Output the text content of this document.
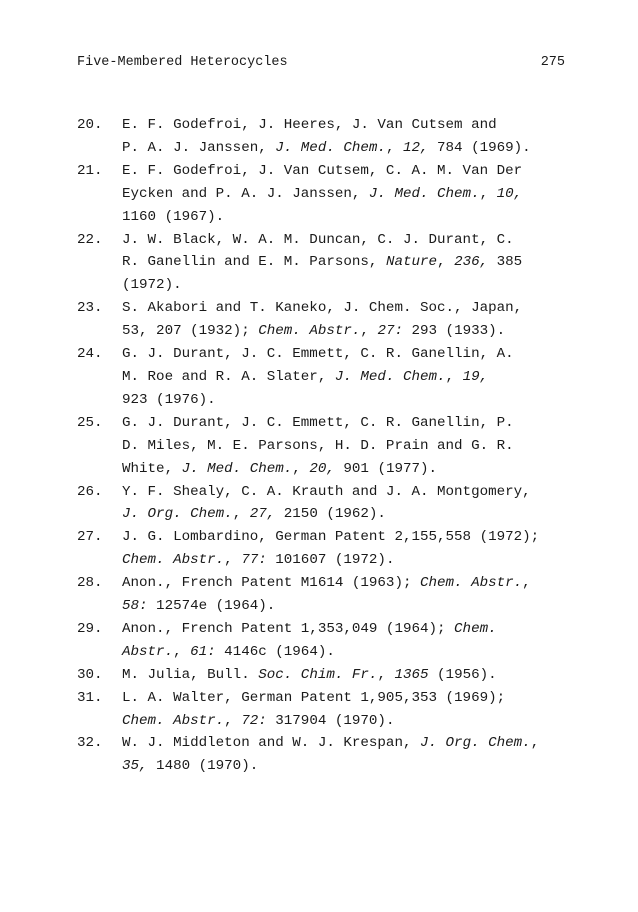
Five-Membered Heterocycles	275
20. E. F. Godefroi, J. Heeres, J. Van Cutsem and
P. A. J. Janssen, J. Med. Chem., 12, 784 (1969).
21. E. F. Godefroi, J. Van Cutsem, C. A. M. Van Der
Eycken and P. A. J. Janssen, J. Med. Chem., 10,
1160 (1967).
22. J. W. Black, W. A. M. Duncan, C. J. Durant, C.
R. Ganellin and E. M. Parsons, Nature, 236, 385
(1972).
23. S. Akabori and T. Kaneko, J. Chem. Soc., Japan,
53, 207 (1932); Chem. Abstr., 27: 293 (1933).
24. G. J. Durant, J. C. Emmett, C. R. Ganellin, A.
M. Roe and R. A. Slater, J. Med. Chem., 19,
923 (1976).
25. G. J. Durant, J. C. Emmett, C. R. Ganellin, P.
D. Miles, M. E. Parsons, H. D. Prain and G. R.
White, J. Med. Chem., 20, 901 (1977).
26. Y. F. Shealy, C. A. Krauth and J. A. Montgomery,
J. Org. Chem., 27, 2150 (1962).
27. J. G. Lombardino, German Patent 2,155,558 (1972);
Chem. Abstr., 77: 101607 (1972).
28. Anon., French Patent M1614 (1963); Chem. Abstr.,
58: 12574e (1964).
29. Anon., French Patent 1,353,049 (1964); Chem.
Abstr., 61: 4146c (1964).
30. M. Julia, Bull. Soc. Chim. Fr., 1365 (1956).
31. L. A. Walter, German Patent 1,905,353 (1969);
Chem. Abstr., 72: 317904 (1970).
32. W. J. Middleton and W. J. Krespan, J. Org. Chem.,
35, 1480 (1970).
